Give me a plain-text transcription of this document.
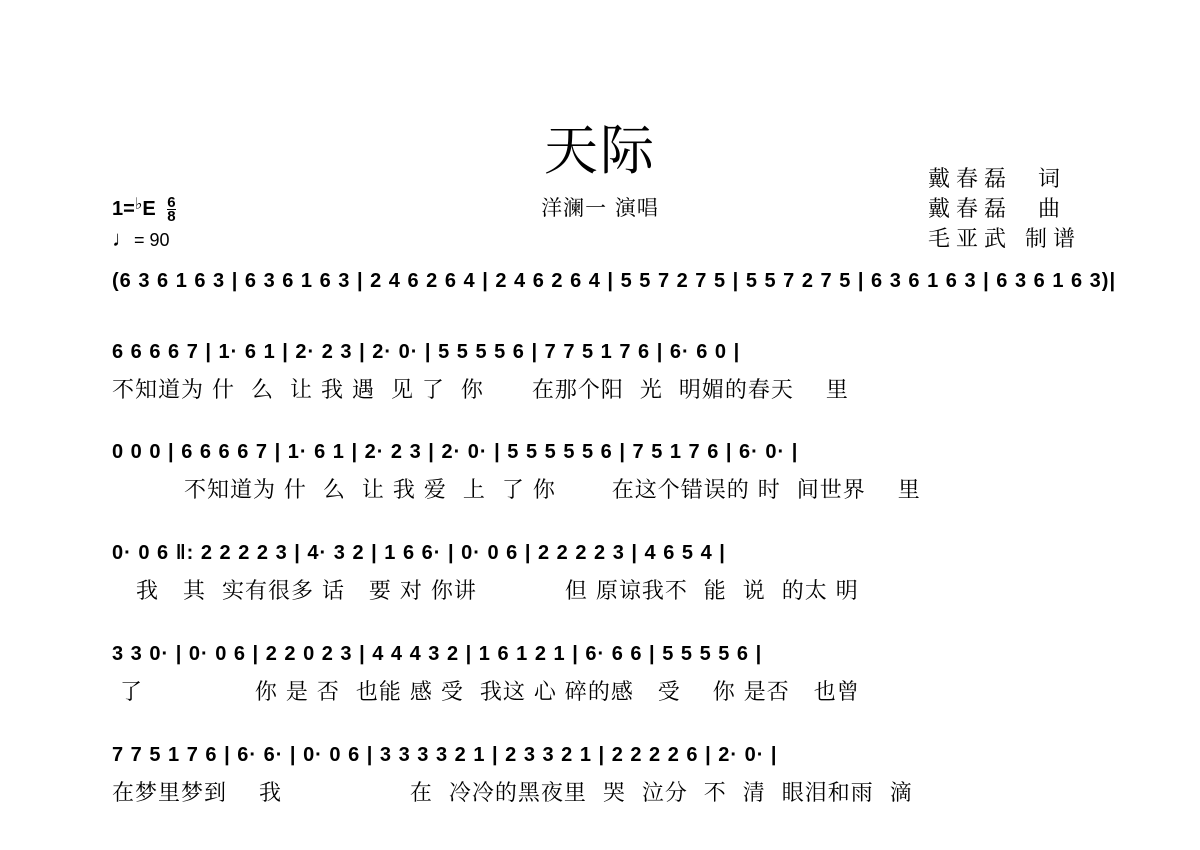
天际
洋澜一 演唱
戴春磊  词
戴春磊  曲
毛亚武 制谱
$1=^♭E \frac{6}{8}$
♩= 90
(6 3 6 1 6 3 | 6 3 6 1 6 3 | 2 4 6 2 6 4 | 2 4 6 2 6 4 | 5 5 7 2 7 5 | 5 5 7 2 7 5 | 6 3 6 1 6 3 | 6 3 6 1 6 3)|
6 6 6 6 7 | 1· 6 1 | 2· 2 3 | 2· 0· | 5 5 5 5 6 | 7 7 5 1 7 6 | 6· 6 0 |
不知道为 什  么  让 我 遇  见 了  你      在那个阳  光  明媚的春天    里
0 0 0 | 6 6 6 6 7 | 1· 6 1 | 2· 2 3 | 2· 0· | 5 5 5 5 5 6 | 7 5 1 7 6 | 6· 0· |
不知道为 什  么  让 我 爱  上  了 你       在这个错误的 时  间世界    里
0· 0 6 ‖: 2 2 2 2 3 | 4· 3 2 | 1 6 6· | 0· 0 6 | 2 2 2 2 3 | 4 6 5 4 |
我   其  实有很多 话   要 对 你讲           但 原谅我不  能  说  的太 明
3 3 0· | 0· 0 6 | 2 2 0 2 3 | 4 4 4 3 2 | 1 6 1 2 1 | 6· 6 6 | 5 5 5 5 6 |
了              你 是 否  也能 感 受  我这 心 碎的感   受    你 是否   也曾
7 7 5 1 7 6 | 6· 6· | 0· 0 6 | 3 3 3 3 2 1 | 2 3 3 2 1 | 2 2 2 2 6 | 2· 0· |
在梦里梦到    我                在  冷冷的黑夜里  哭  泣分  不  清  眼泪和雨  滴
